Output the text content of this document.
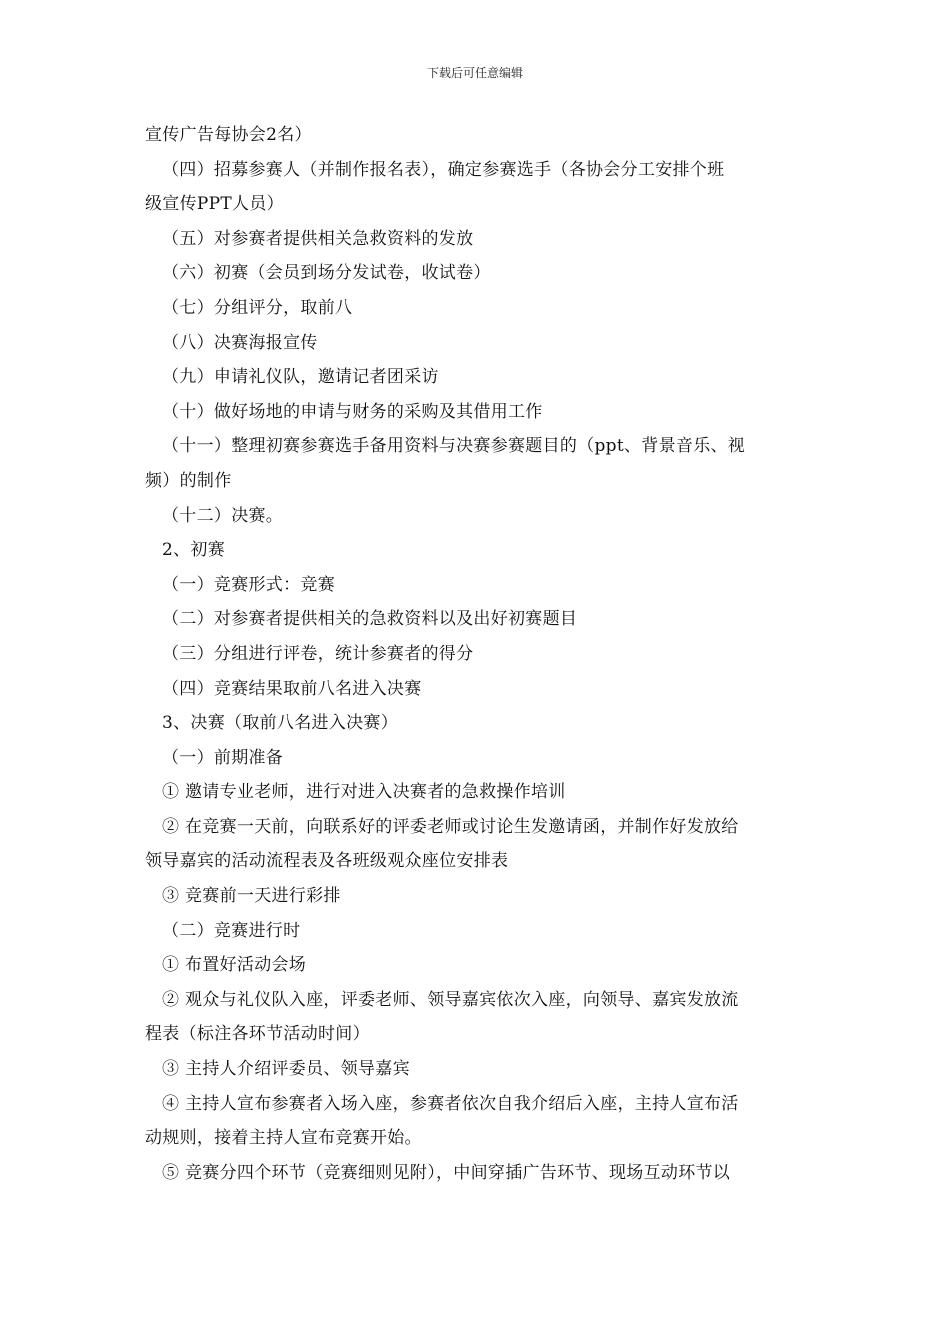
下载后可任意编辑
宣传广告每协会2名）
（四）招募参赛人（并制作报名表），确定参赛选手（各协会分工安排个班
级宣传PPT人员）
（五）对参赛者提供相关急救资料的发放
（六）初赛（会员到场分发试卷，收试卷）
（七）分组评分，取前八
（八）决赛海报宣传
（九）申请礼仪队，邀请记者团采访
（十）做好场地的申请与财务的采购及其借用工作
（十一）整理初赛参赛选手备用资料与决赛参赛题目的（ppt、背景音乐、视
频）的制作
（十二）决赛。
2、初赛
（一）竞赛形式：竞赛
（二）对参赛者提供相关的急救资料以及出好初赛题目
（三）分组进行评卷，统计参赛者的得分
（四）竞赛结果取前八名进入决赛
3、决赛（取前八名进入决赛）
（一）前期准备
① 邀请专业老师，进行对进入决赛者的急救操作培训
② 在竞赛一天前，向联系好的评委老师或讨论生发邀请函，并制作好发放给
领导嘉宾的活动流程表及各班级观众座位安排表
③ 竞赛前一天进行彩排
（二）竞赛进行时
① 布置好活动会场
② 观众与礼仪队入座，评委老师、领导嘉宾依次入座，向领导、嘉宾发放流
程表（标注各环节活动时间）
③ 主持人介绍评委员、领导嘉宾
④ 主持人宣布参赛者入场入座，参赛者依次自我介绍后入座，主持人宣布活
动规则，接着主持人宣布竞赛开始。
⑤ 竞赛分四个环节（竞赛细则见附），中间穿插广告环节、现场互动环节以
